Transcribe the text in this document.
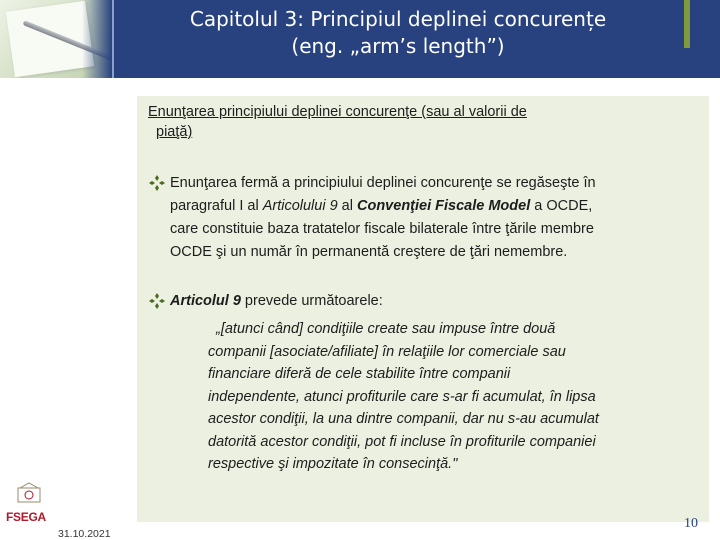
Capitolul 3: Principiul deplinei concurențe
(eng. „arm’s length”)
Enunţarea principiului deplinei concurenţe (sau al valorii de
piaţă)
Enunţarea fermă a principiului deplinei concurenţe se regăseşte în
paragraful I al Articolului 9 al Convenţiei Fiscale Model a OCDE,
care constituie baza tratatelor fiscale bilaterale între ţările membre
OCDE şi un număr în permanentă creştere de ţări nemembre.
Articolul 9 prevede următoarele:
„[atunci când] condiţiile create sau impuse între două
companii [asociate/afiliate] în relaţiile lor comerciale sau
financiare diferă de cele stabilite între companii
independente, atunci profiturile care s-ar fi acumulat, în lipsa
acestor condiţii, la una dintre companii, dar nu s-au acumulat
datorită acestor condiţii, pot fi incluse în profiturile companiei
respective şi impozitate în consecinţă."
FSEGA
31.10.2021
10
